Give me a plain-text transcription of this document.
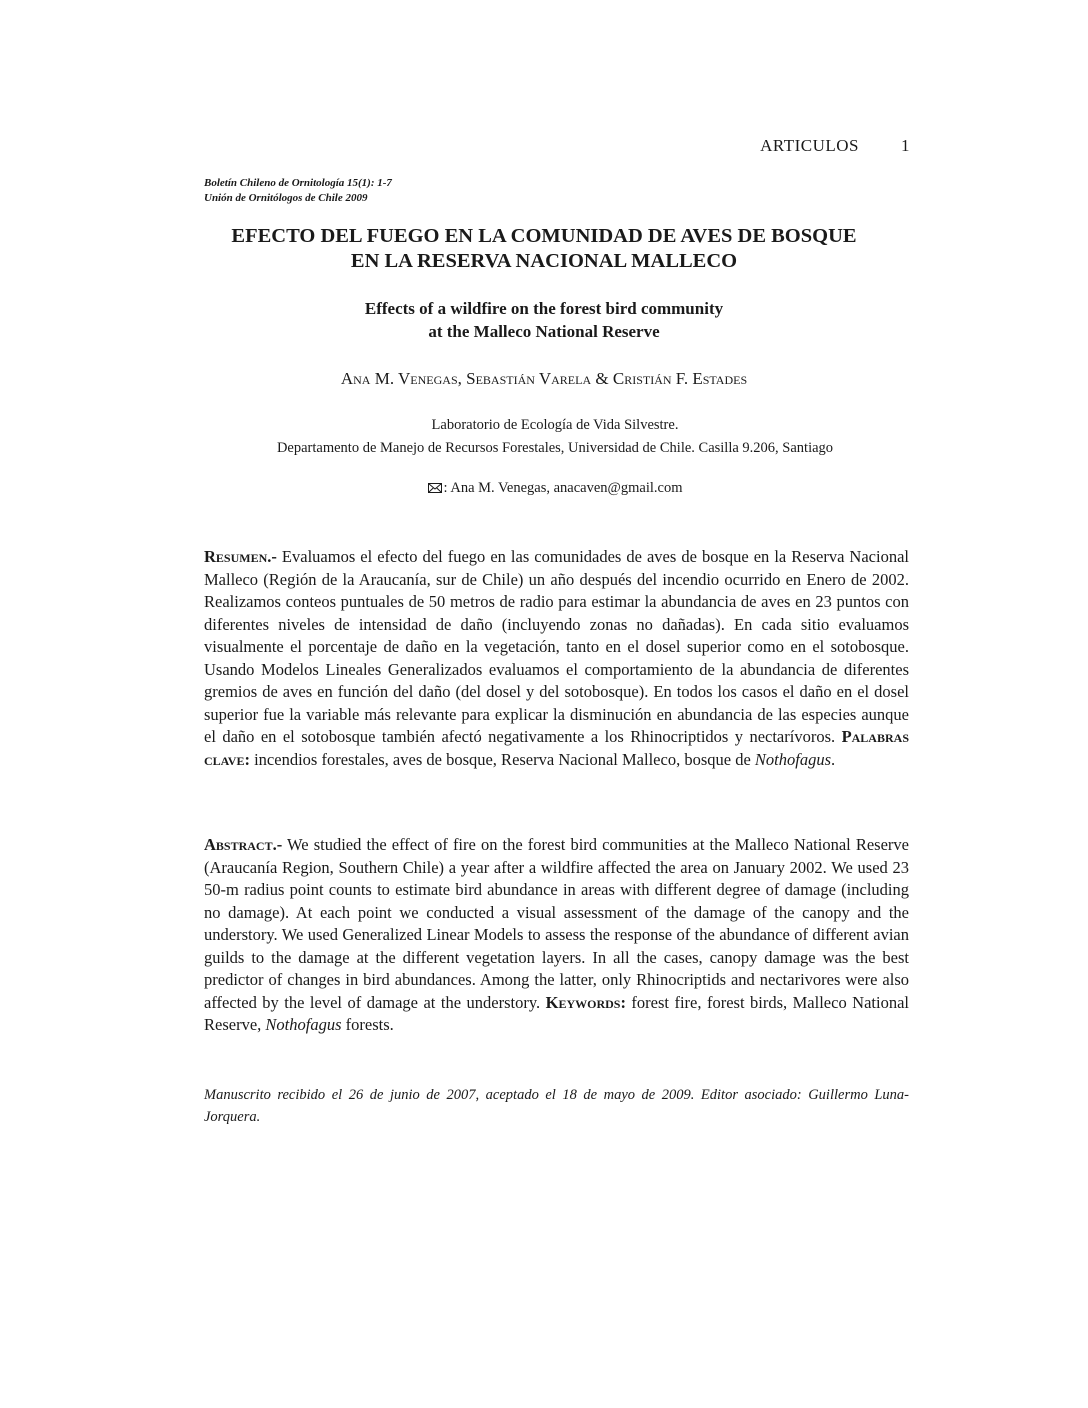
ARTICULOS 1
Boletín Chileno de Ornitología 15(1): 1-7
Unión de Ornitólogos de Chile 2009
EFECTO DEL FUEGO EN LA COMUNIDAD DE AVES DE BOSQUE
EN LA RESERVA NACIONAL MALLECO
Effects of a wildfire on the forest bird community
at the Malleco National Reserve
Ana M. Venegas, Sebastián Varela & Cristián F. Estades
Laboratorio de Ecología de Vida Silvestre.
Departamento de Manejo de Recursos Forestales, Universidad de Chile. Casilla 9.206, Santiago
: Ana M. Venegas, anacaven@gmail.com
Resumen.- Evaluamos el efecto del fuego en las comunidades de aves de bosque en la Reserva Nacional Malleco (Región de la Araucanía, sur de Chile) un año después del incendio ocurrido en Enero de 2002. Realizamos conteos puntuales de 50 metros de radio para estimar la abundancia de aves en 23 puntos con diferentes niveles de intensidad de daño (incluyendo zonas no dañadas). En cada sitio evaluamos visualmente el porcentaje de daño en la vegetación, tanto en el dosel superior como en el sotobosque. Usando Modelos Lineales Generalizados evaluamos el comportamiento de la abundancia de diferentes gremios de aves en función del daño (del dosel y del sotobosque). En todos los casos el daño en el dosel superior fue la variable más relevante para explicar la disminución en abundancia de las especies aunque el daño en el sotobosque también afectó negativamente a los Rhinocriptidos y nectarívoros. Palabras clave: incendios forestales, aves de bosque, Reserva Nacional Malleco, bosque de Nothofagus.
Abstract.- We studied the effect of fire on the forest bird communities at the Malleco National Reserve (Araucanía Region, Southern Chile) a year after a wildfire affected the area on January 2002. We used 23 50-m radius point counts to estimate bird abundance in areas with different degree of damage (including no damage). At each point we conducted a visual assessment of the damage of the canopy and the understory. We used Generalized Linear Models to assess the response of the abundance of different avian guilds to the damage at the different vegetation layers. In all the cases, canopy damage was the best predictor of changes in bird abundances. Among the latter, only Rhinocriptids and nectarivores were also affected by the level of damage at the understory. Keywords: forest fire, forest birds, Malleco National Reserve, Nothofagus forests.
Manuscrito recibido el 26 de junio de 2007, aceptado el 18 de mayo de 2009. Editor asociado: Guillermo Luna-Jorquera.
